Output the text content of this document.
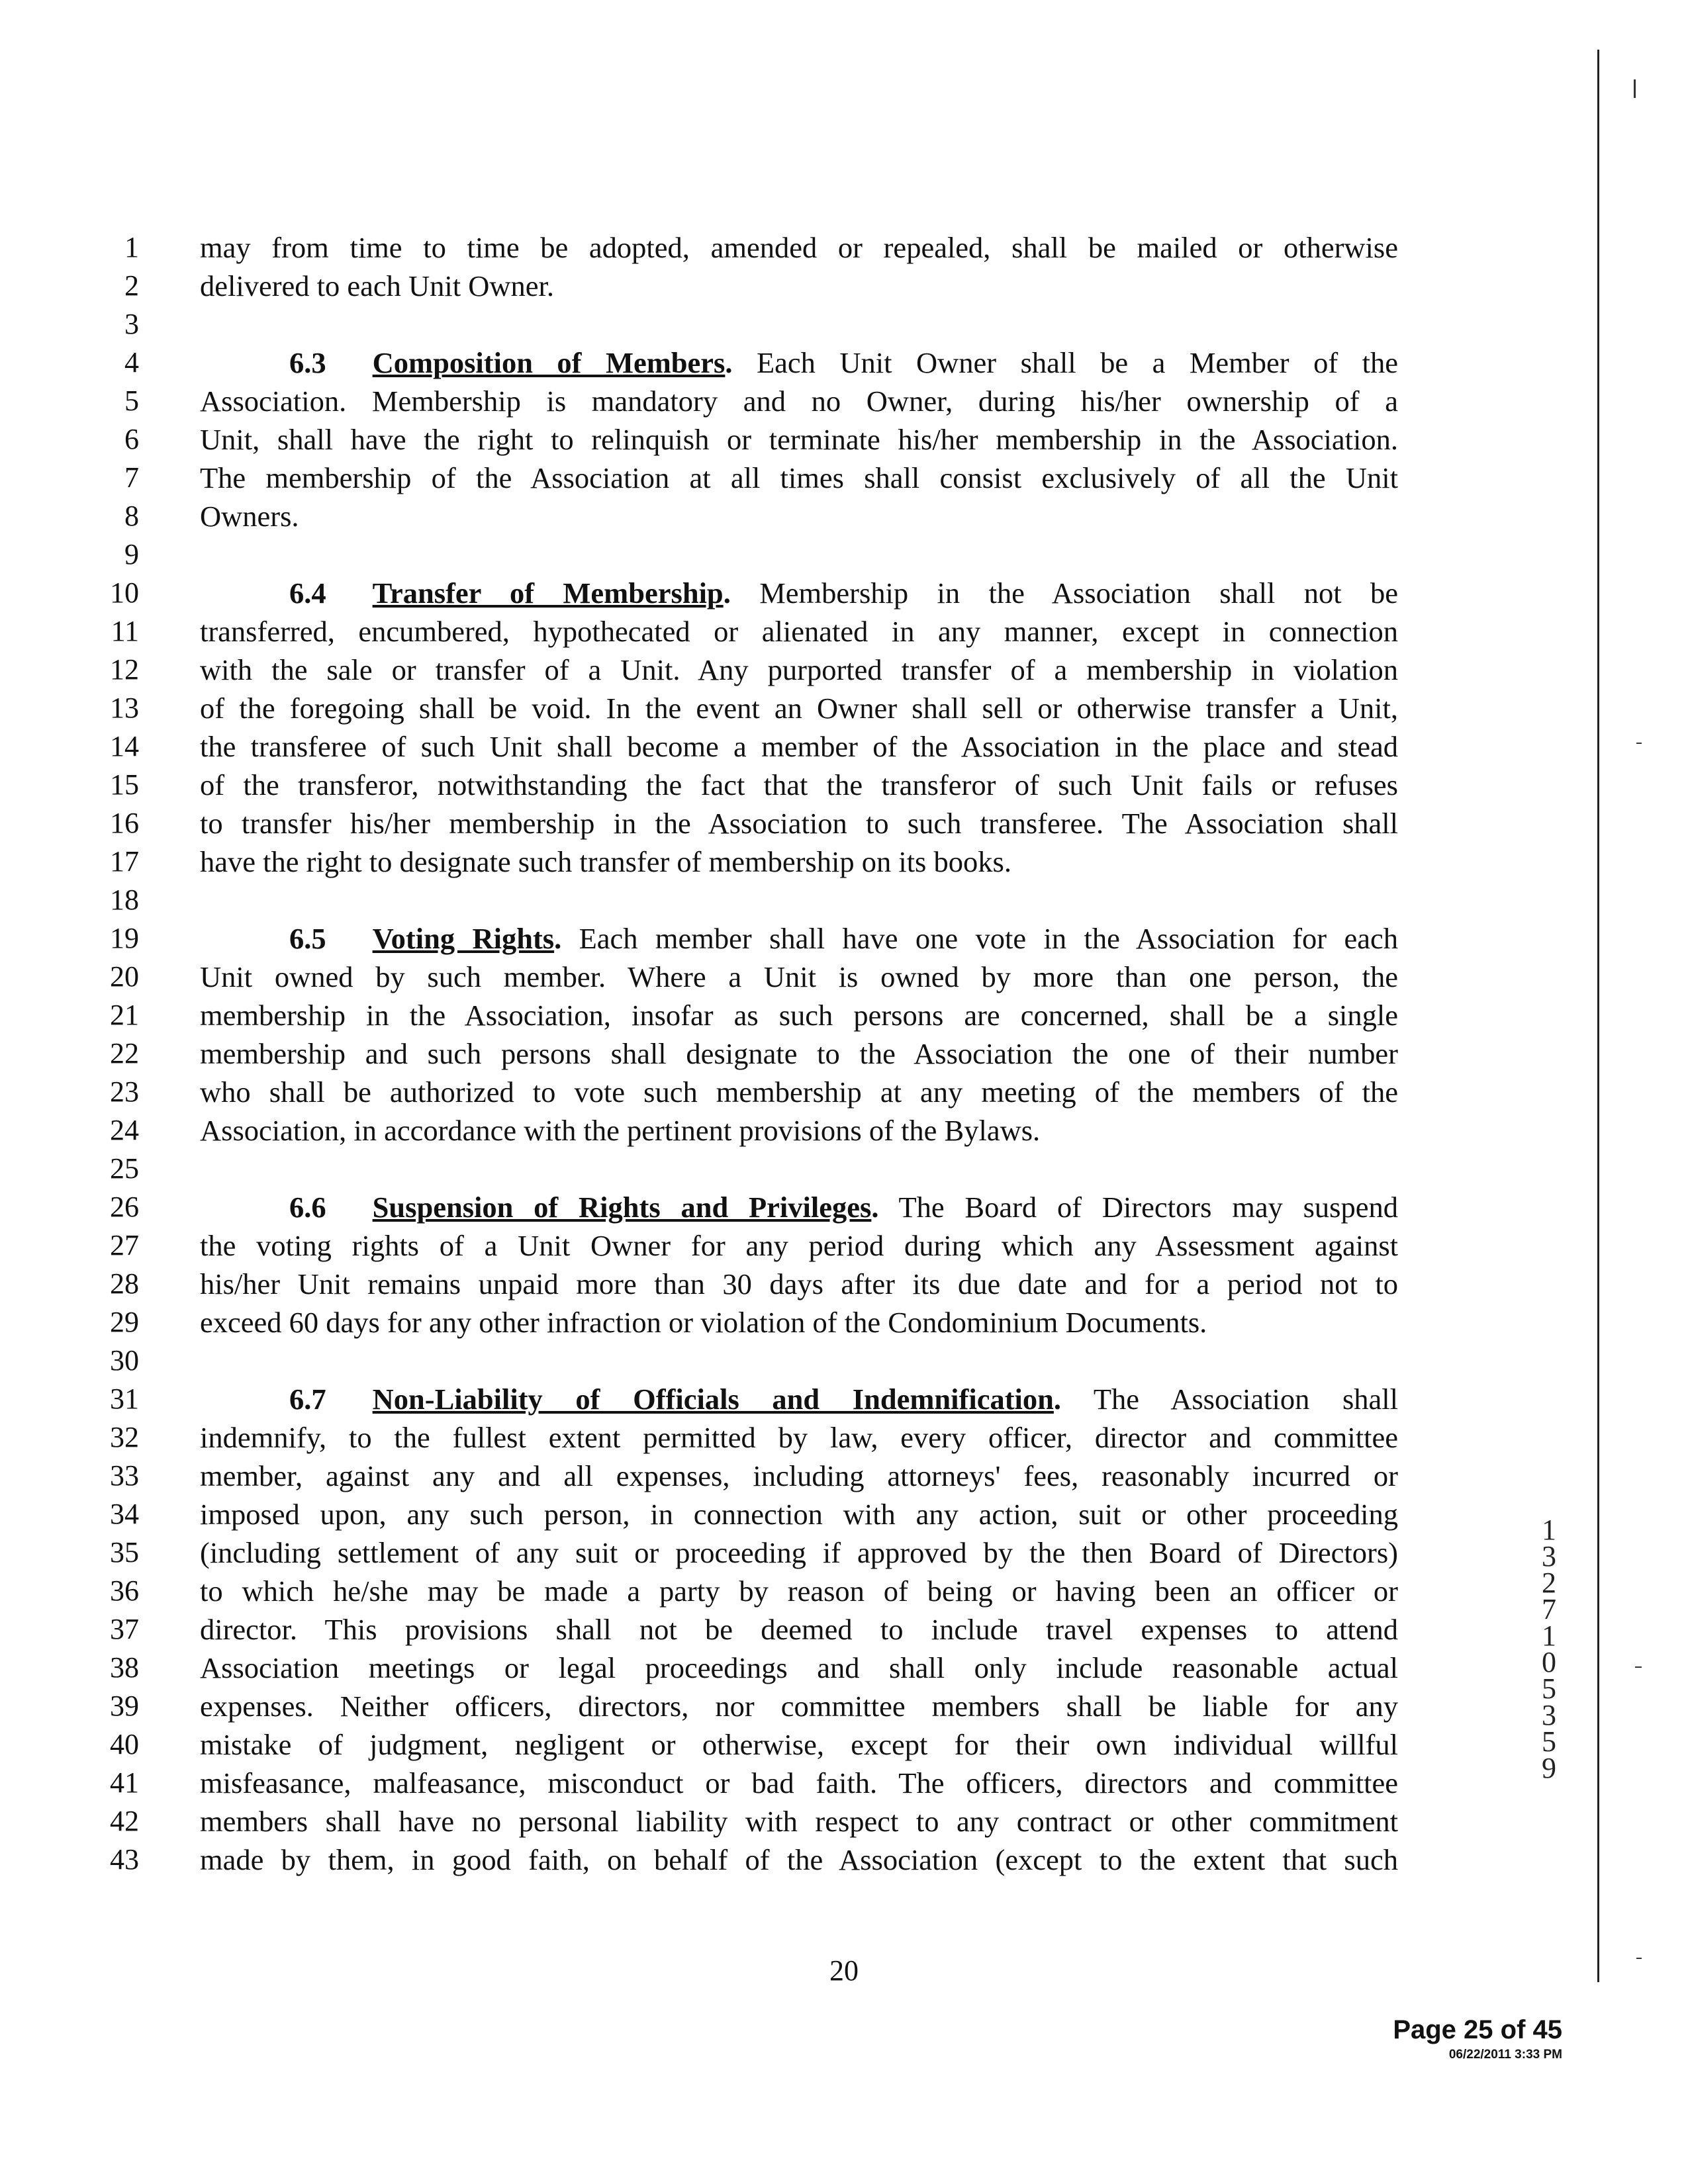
1
2
3
4
5
6
7
8
9
10
11
12
13
14
15
16
17
18
19
20
21
22
23
24
25
26
27
28
29
30
31
32
33
34
35
36
37
38
39
40
41
42
43
may from time to time be adopted, amended or repealed, shall be mailed or otherwise
delivered to each Unit Owner.
6.3 Composition of Members. Each Unit Owner shall be a Member of the
Association. Membership is mandatory and no Owner, during his/her ownership of a
Unit, shall have the right to relinquish or terminate his/her membership in the Association.
The membership of the Association at all times shall consist exclusively of all the Unit
Owners.
6.4 Transfer of Membership. Membership in the Association shall not be
transferred, encumbered, hypothecated or alienated in any manner, except in connection
with the sale or transfer of a Unit. Any purported transfer of a membership in violation
of the foregoing shall be void. In the event an Owner shall sell or otherwise transfer a Unit,
the transferee of such Unit shall become a member of the Association in the place and stead
of the transferor, notwithstanding the fact that the transferor of such Unit fails or refuses
to transfer his/her membership in the Association to such transferee. The Association shall
have the right to designate such transfer of membership on its books.
6.5 Voting Rights. Each member shall have one vote in the Association for each
Unit owned by such member. Where a Unit is owned by more than one person, the
membership in the Association, insofar as such persons are concerned, shall be a single
membership and such persons shall designate to the Association the one of their number
who shall be authorized to vote such membership at any meeting of the members of the
Association, in accordance with the pertinent provisions of the Bylaws.
6.6 Suspension of Rights and Privileges. The Board of Directors may suspend
the voting rights of a Unit Owner for any period during which any Assessment against
his/her Unit remains unpaid more than 30 days after its due date and for a period not to
exceed 60 days for any other infraction or violation of the Condominium Documents.
6.7 Non-Liability of Officials and Indemnification. The Association shall
indemnify, to the fullest extent permitted by law, every officer, director and committee
member, against any and all expenses, including attorneys' fees, reasonably incurred or
imposed upon, any such person, in connection with any action, suit or other proceeding
(including settlement of any suit or proceeding if approved by the then Board of Directors)
to which he/she may be made a party by reason of being or having been an officer or
director. This provisions shall not be deemed to include travel expenses to attend
Association meetings or legal proceedings and shall only include reasonable actual
expenses. Neither officers, directors, nor committee members shall be liable for any
mistake of judgment, negligent or otherwise, except for their own individual willful
misfeasance, malfeasance, misconduct or bad faith. The officers, directors and committee
members shall have no personal liability with respect to any contract or other commitment
made by them, in good faith, on behalf of the Association (except to the extent that such
20
Page 25 of 45
06/22/2011 3:33 PM
1
3
2
7
1
0
5
3
5
9
